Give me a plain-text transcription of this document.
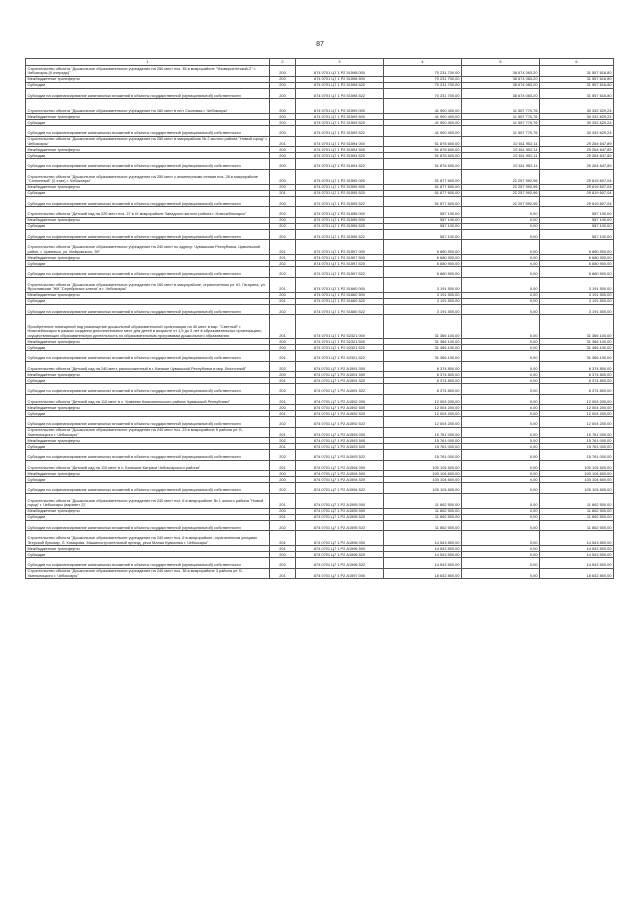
87
1	2	3	4	5	6
Строительство объекта "Дошкольное образовательное учреждение на 250 мест поз. 35 в микрорайоне "Университетский-2" г. Чебоксары (II очередь)"	200	874 0701 Ц7 1 Р2 51598 000	70 231 700,00	38 674 083,20	31 557 616,80
Межбюджетные трансферты	200	874 0701 Ц7 1 Р2 51598 500	70 231 700,00	38 674 083,20	31 557 616,80
Субсидии	200	874 0701 Ц7 1 Р2 51598 520	70 231 700,00	38 674 083,20	31 557 616,80
Субсидии на софинансирование капитальных вложений в объекты государственной (муниципальной) собственности	200	874 0701 Ц7 1 Р2 51598 522	70 231 700,00	38 674 083,20	31 557 616,80
Строительство объекта "Дошкольное образовательное учреждение на 160 мест в п/ст Сосновка г. Чебоксары"	200	874 0701 Ц7 1 Р2 51599 000	41 900 400,00	11 567 770,76	30 332 629,24
Межбюджетные трансферты	200	874 0701 Ц7 1 Р2 51599 500	41 900 400,00	11 567 770,76	30 332 629,24
Субсидии	200	874 0701 Ц7 1 Р2 51599 520	41 900 400,00	11 567 770,76	30 332 629,24
Субсидии на софинансирование капитальных вложений в объекты государственной (муниципальной) собственности	200	874 0701 Ц7 1 Р2 51599 522	41 900 400,00	11 567 770,76	30 332 629,24
Строительство объекта "Дошкольное образовательное учреждение на 250 мест в микрорайоне № 2 жилого района "Новый город" г. Чебоксары"	201	874 0701 Ц7 1 Р2 51594 000	51 876 600,00	22 611 952,11	29 264 647,89
Межбюджетные трансферты	200	874 0701 Ц7 1 Р2 51594 500	51 876 600,00	22 611 952,11	29 264 647,89
Субсидии	200	874 0701 Ц7 1 Р2 51594 520	51 876 600,00	22 611 952,11	29 264 647,89
Субсидии на софинансирование капитальных вложений в объекты государственной (муниципальной) собственности	200	874 0701 Ц7 1 Р2 51594 522	51 876 600,00	22 611 952,11	29 264 647,89
Строительство объекта "Дошкольное образовательное учреждение на 250 мест с инженерными сетями поз. 28 в микрорайоне "Солнечный" (2 этап) г. Чебоксары"	200	874 0701 Ц7 1 Р2 51595 000	51 877 600,00	22 257 992,96	29 619 607,04
Межбюджетные трансферты	200	874 0701 Ц7 1 Р2 51595 500	51 877 600,00	22 257 992,96	29 619 607,04
Субсидии	201	874 0701 Ц7 1 Р2 51595 520	51 877 600,00	22 257 992,96	29 619 607,04
Субсидии на софинансирование капитальных вложений в объекты государственной (муниципальной) собственности	200	874 0701 Ц7 1 Р2 51595 522	51 877 600,00	22 257 992,96	29 619 607,04
Строительство объекта "Детский сад на 220 мест поз. 27 в IX микрорайоне Западного жилого района г. Новочебоксарск"	202	874 0701 Ц7 1 Р2 51596 000	587 100,00	0,00	587 100,00
Межбюджетные трансферты	200	874 0701 Ц7 1 Р2 51596 500	587 100,00	0,00	587 100,00
Субсидии	202	874 0701 Ц7 1 Р2 51596 520	587 100,00	0,00	587 100,00
Субсидии на софинансирование капитальных вложений в объекты государственной (муниципальной) собственности	202	874 0701 Ц7 1 Р2 51596 522	587 100,00	0,00	587 100,00
Строительство объекта "Дошкольное образовательное учреждение на 240 мест по адресу: Чувашская Республика, Цивильский район, г. Цивильск, ул. Майковского, 39"	201	874 0701 Ц7 1 Р2 51597 000	6 680 900,00	0,00	6 680 900,00
Межбюджетные трансферты	201	874 0701 Ц7 1 Р2 51597 500	6 680 900,00	0,00	6 680 900,00
Субсидии	202	874 0701 Ц7 1 Р2 51597 520	6 680 900,00	0,00	6 680 900,00
Субсидии на софинансирование капитальных вложений в объекты государственной (муниципальной) собственности	202	874 0701 Ц7 1 Р2 51597 522	6 680 900,00	0,00	6 680 900,00
Строительство объекта "Дошкольное образовательное учреждение на 160 мест в микрорайоне, ограниченном ул. Ю. Гагарина, ул. Ярославская "ЖК "Серебряные ключи" в г. Чебоксары"	201	874 0701 Ц7 1 Р2 51660 000	3 191 500,00	0,00	3 191 500,00
Межбюджетные трансферты	200	874 0701 Ц7 1 Р2 51660 500	3 191 500,00	0,00	3 191 500,00
Субсидии	201	874 0701 Ц7 1 Р2 51660 520	3 191 500,00	0,00	3 191 500,00
Субсидии на софинансирование капитальных вложений в объекты государственной (муниципальной) собственности	202	874 0701 Ц7 1 Р2 51660 522	3 191 500,00	0,00	3 191 500,00
Приобретение помещений под размещение дошкольной образовательной организации на 40 мест в мкр. "Светлый" г. Новочебоксарск в рамках создания дополнительных мест для детей в возрасте от 1,5 до 3 лет в образовательных организациях, осуществляющих образовательную деятельность по образовательным программам дошкольного образования	201	874 0701 Ц7 1 Р2 52321 000	31 366 100,00	0,00	31 366 100,00
Межбюджетные трансферты	200	874 0701 Ц7 1 Р2 52321 500	31 366 100,00	0,00	31 366 100,00
Субсидии	200	874 0701 Ц7 1 Р2 52321 520	31 366 100,00	0,00	31 366 100,00
Субсидии на софинансирование капитальных вложений в объекты государственной (муниципальной) собственности	201	874 0701 Ц7 1 Р2 52321 522	31 366 100,00	0,00	31 366 100,00
Строительство объекта "Детский сад на 240 мест, расположенный в г. Канаше Чувашской Республики в мкр. Восточный"	202	874 0701 Ц7 1 Р2 A1591 000	6 374 800,00	0,00	6 374 800,00
Межбюджетные трансферты	200	874 0701 Ц7 1 Р2 A1591 500	6 374 800,00	0,00	6 374 800,00
Субсидии	201	874 0701 Ц7 1 Р2 A1591 520	6 374 800,00	0,00	6 374 800,00
Субсидии на софинансирование капитальных вложений в объекты государственной (муниципальной) собственности	202	874 0701 Ц7 1 Р2 A1591 522	6 374 800,00	0,00	6 374 800,00
Строительство объекта "Детский сад на 110 мест в с. Урмаево Комсомольского района Чувашской Республики"	201	874 0701 Ц7 1 Р2 A1592 000	12 004 200,00	0,00	12 004 200,00
Межбюджетные трансферты	200	874 0701 Ц7 1 Р2 A1592 500	12 004 200,00	0,00	12 004 200,00
Субсидии	201	874 0701 Ц7 1 Р2 A1592 520	12 004 200,00	0,00	12 004 200,00
Субсидии на софинансирование капитальных вложений в объекты государственной (муниципальной) собственности	202	874 0701 Ц7 1 Р2 A1592 522	12 004 200,00	0,00	12 004 200,00
Строительство объекта "Дошкольное образовательное учреждение на 240 мест поз. 23 в микрорайоне 5 района ул. Б. Хмельницкого г. Чебоксары"	201	874 0701 Ц7 1 Р2 A1593 000	15 761 000,00	0,00	15 761 000,00
Межбюджетные трансферты	202	874 0701 Ц7 1 Р2 A1593 500	15 761 000,00	0,00	15 761 000,00
Субсидии	201	874 0701 Ц7 1 Р2 A1593 520	15 761 000,00	0,00	15 761 000,00
Субсидии на софинансирование капитальных вложений в объекты государственной (муниципальной) собственности	202	874 0701 Ц7 1 Р2 A1593 522	15 761 000,00	0,00	15 761 000,00
Строительство объекта "Детский сад на 110 мест в с. Большие Катраси Чебоксарского района"	201	874 0701 Ц7 1 Р2 A1594 000	100 104 600,00	0,00	100 104 600,00
Межбюджетные трансферты	200	874 0701 Ц7 1 Р2 A1594 500	100 104 600,00	0,00	100 104 600,00
Субсидии	200	874 0701 Ц7 1 Р2 A1594 520	100 104 600,00	0,00	100 104 600,00
Субсидии на софинансирование капитальных вложений в объекты государственной (муниципальной) собственности	202	874 0701 Ц7 1 Р2 A1594 522	100 104 600,00	0,00	100 104 600,00
Строительство объекта "Дошкольное образовательное учреждение на 240 мест поз. 6 в микрорайоне № 1 жилого района "Новый город" г. Чебоксары (вариант 2)"	201	874 0701 Ц7 1 Р2 A1595 000	11 862 500,00	0,00	11 862 500,00
Межбюджетные трансферты	200	874 0701 Ц7 1 Р2 A1595 500	11 862 500,00	0,00	11 862 500,00
Субсидии	201	874 0701 Ц7 1 Р2 A1595 520	11 862 500,00	0,00	11 862 500,00
Субсидии на софинансирование капитальных вложений в объекты государственной (муниципальной) собственности	202	874 0701 Ц7 1 Р2 A1595 522	11 862 500,00	0,00	11 862 500,00
Строительство объекта "Дошкольное образовательное учреждение на 240 мест поз. 6 в микрорайоне, ограниченном улицами Эгерский бульвар, Л. Комарова, Машиностроительный проезд, река Малая Кувшинка г. Чебоксары"	201	874 0701 Ц7 1 Р2 A1596 000	14 543 500,00	0,00	14 543 500,00
Межбюджетные трансферты	201	874 0701 Ц7 1 Р2 A1596 500	14 543 500,00	0,00	14 543 500,00
Субсидии	200	874 0701 Ц7 1 Р2 A1596 520	14 543 500,00	0,00	14 543 500,00
Субсидии на софинансирование капитальных вложений в объекты государственной (муниципальной) собственности	202	874 0701 Ц7 1 Р2 A1596 522	14 543 500,00	0,00	14 543 500,00
Строительство объекта "Дошкольное образовательное учреждение на 240 мест поз. 38 в микрорайоне 3 района ул. Б. Хмельницкого г. Чебоксары"	201	874 0701 Ц7 1 Р2 A1597 000	18 632 800,00	0,00	18 632 800,00
